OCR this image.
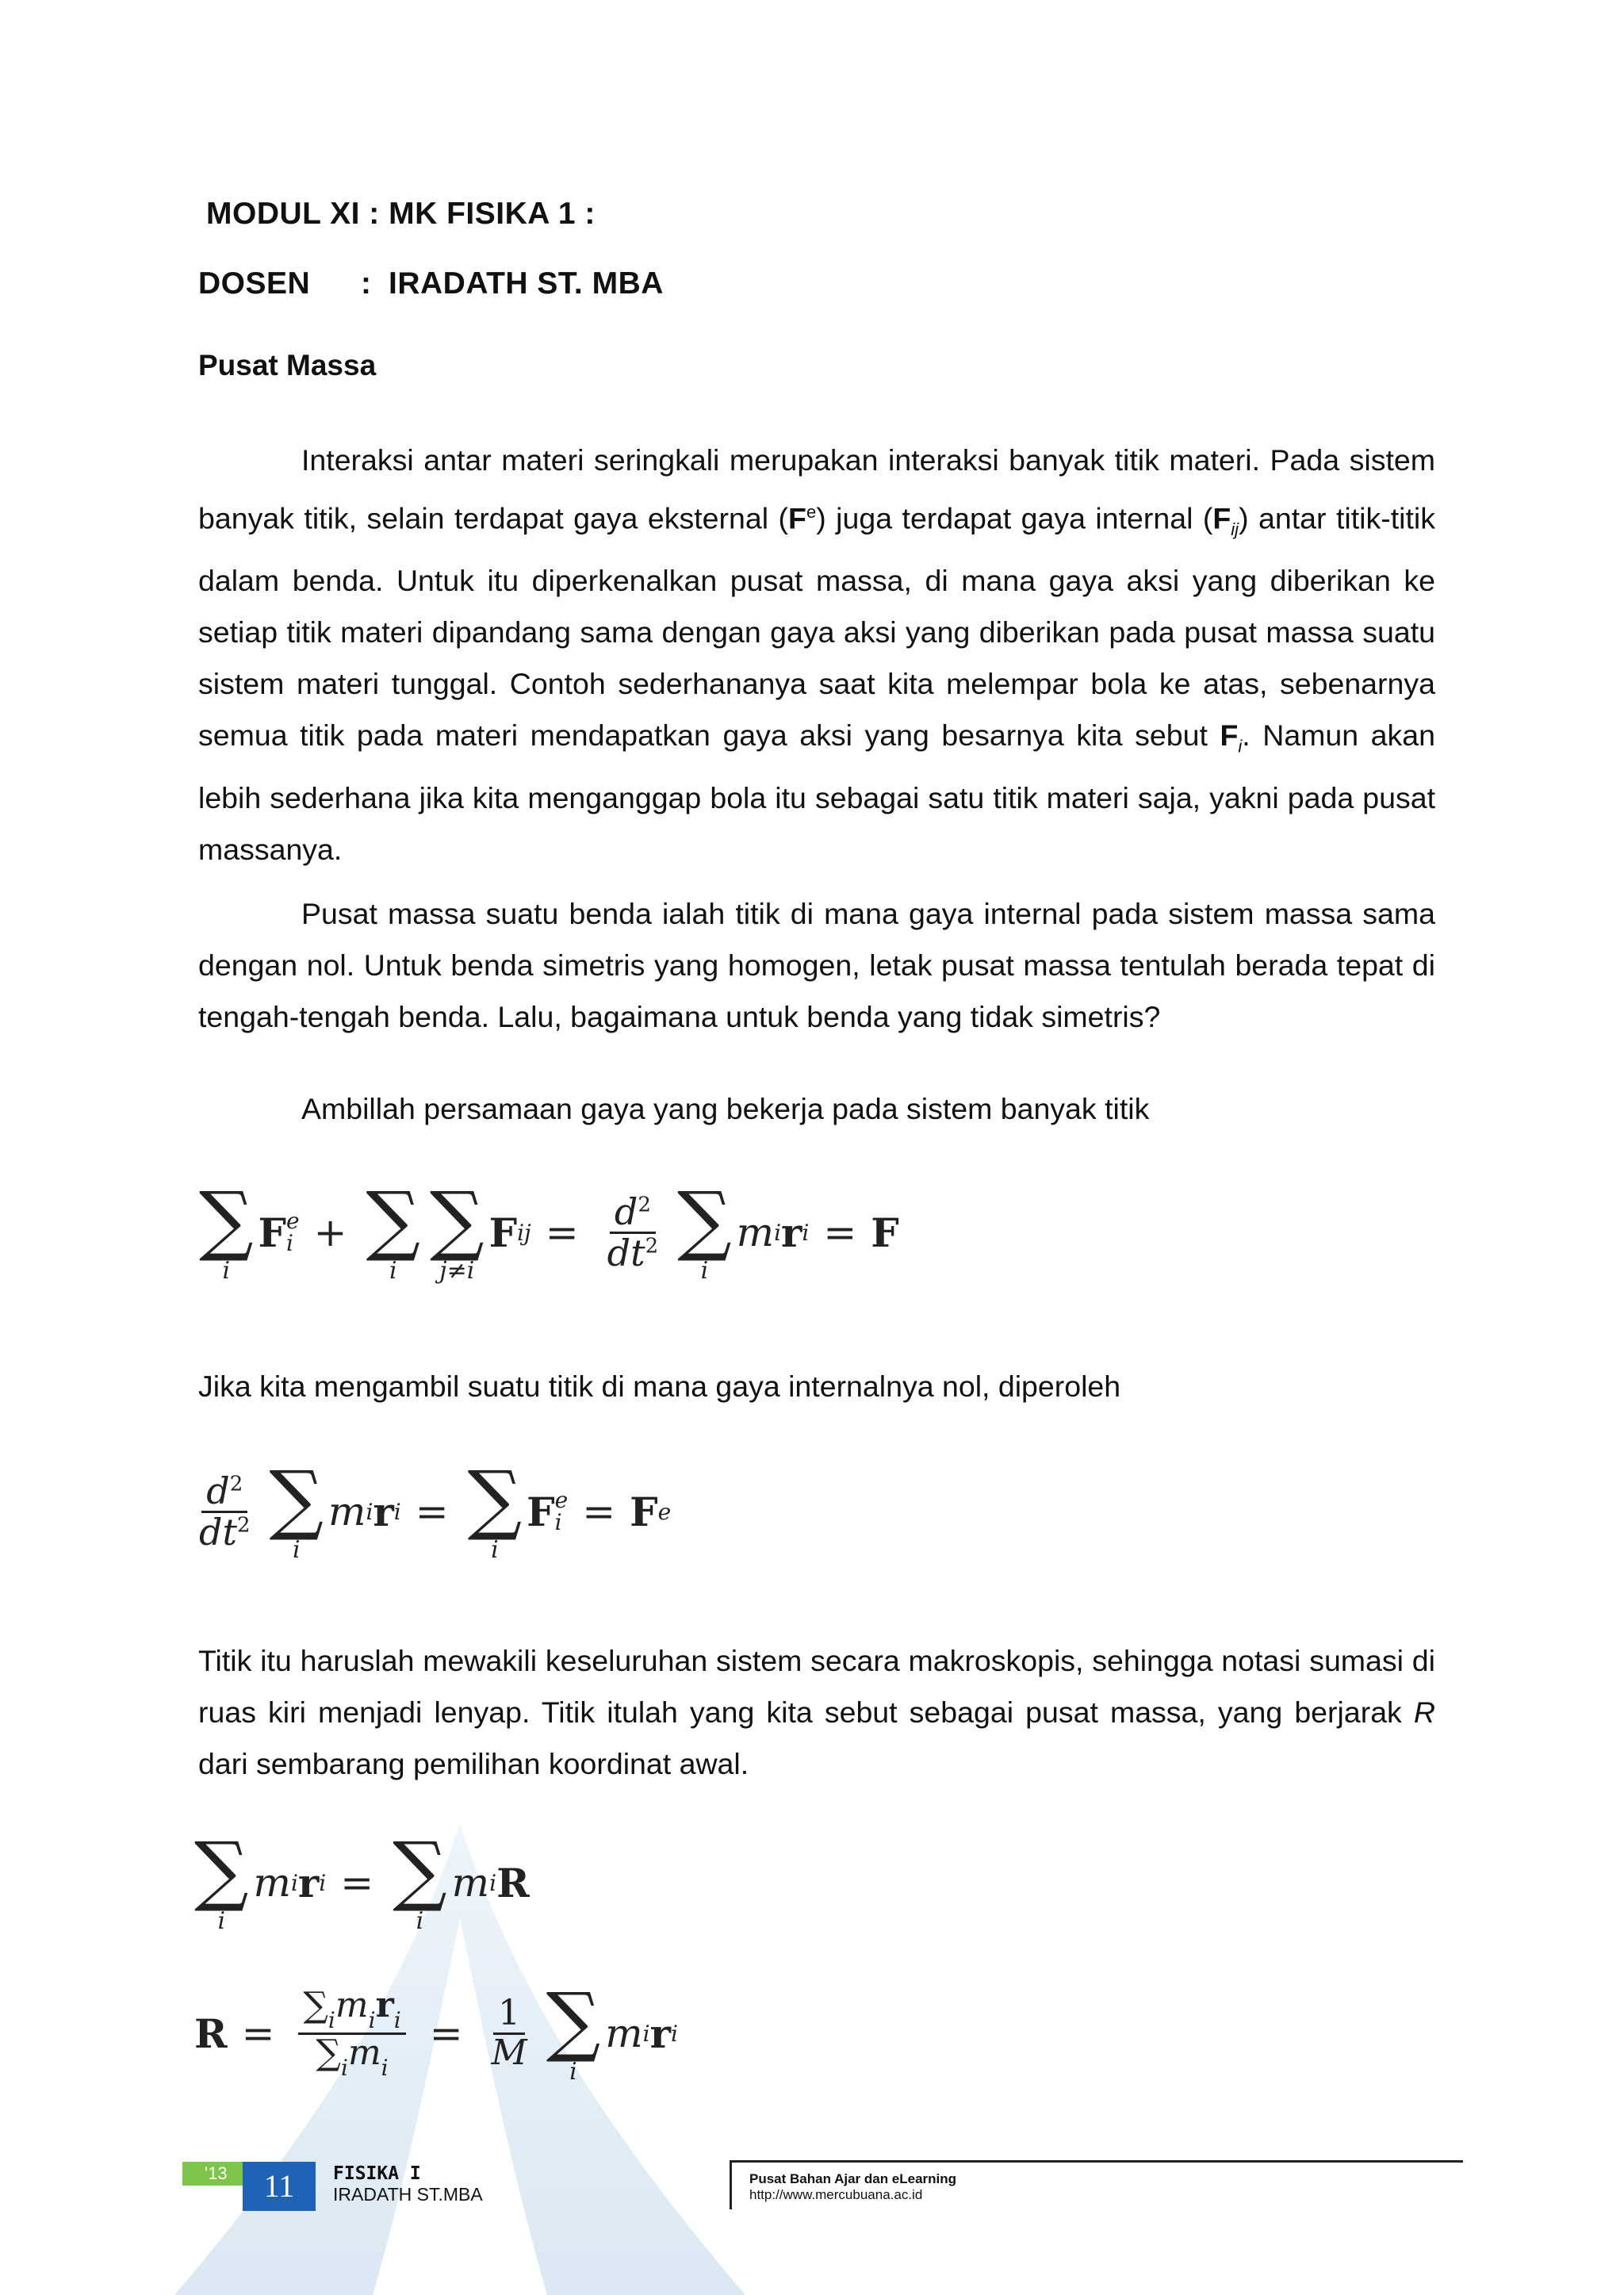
MODUL XI : MK FISIKA 1 :
DOSEN : IRADATH ST. MBA
Pusat Massa

Interaksi antar materi seringkali merupakan interaksi banyak titik materi. Pada sistem banyak titik, selain terdapat gaya eksternal $(F^e)$ juga terdapat gaya internal $(F_{ij})$ antar titik-titik dalam benda. Untuk itu diperkenalkan pusat massa, di mana gaya aksi yang diberikan ke setiap titik materi dipandang sama dengan gaya aksi yang diberikan pada pusat massa suatu sistem materi tunggal. Contoh sederhananya saat kita melempar bola ke atas, sebenarnya semua titik pada materi mendapatkan gaya aksi yang besarnya kita sebut $F_i$. Namun akan lebih sederhana jika kita menganggap bola itu sebagai satu titik materi saja, yakni pada pusat massanya.

Pusat massa suatu benda ialah titik di mana gaya internal pada sistem massa sama dengan nol. Untuk benda simetris yang homogen, letak pusat massa tentulah berada tepat di tengah-tengah benda. Lalu, bagaimana untuk benda yang tidak simetris?

Ambillah persamaan gaya yang bekerja pada sistem banyak titik

∑
i
F e
i + ∑
i
∑
j≠i
F ij = $\frac{d^2}{dt^2}$ ∑
i
m i r i = F

Jika kita mengambil suatu titik di mana gaya internalnya nol, diperoleh

$\frac{d^2}{dt^2}$ ∑
i
m i r i = ∑
i
F e
i = F e

Titik itu haruslah mewakili keseluruhan sistem secara makroskopis, sehingga notasi sumasi di ruas kiri menjadi lenyap. Titik itulah yang kita sebut sebagai pusat massa, yang berjarak R dari sembarang pemilihan koordinat awal.

∑
i
m i r i = ∑
i
m i R
$R = \frac{\sum_im_ir_i}{\sum_im_i} = \frac{1}{M}$ ∑
i
m i r i
'13	11	FISIKA I
IRADATH ST.MBA
Pusat Bahan Ajar dan eLearning
http://www.mercubuana.ac.id
